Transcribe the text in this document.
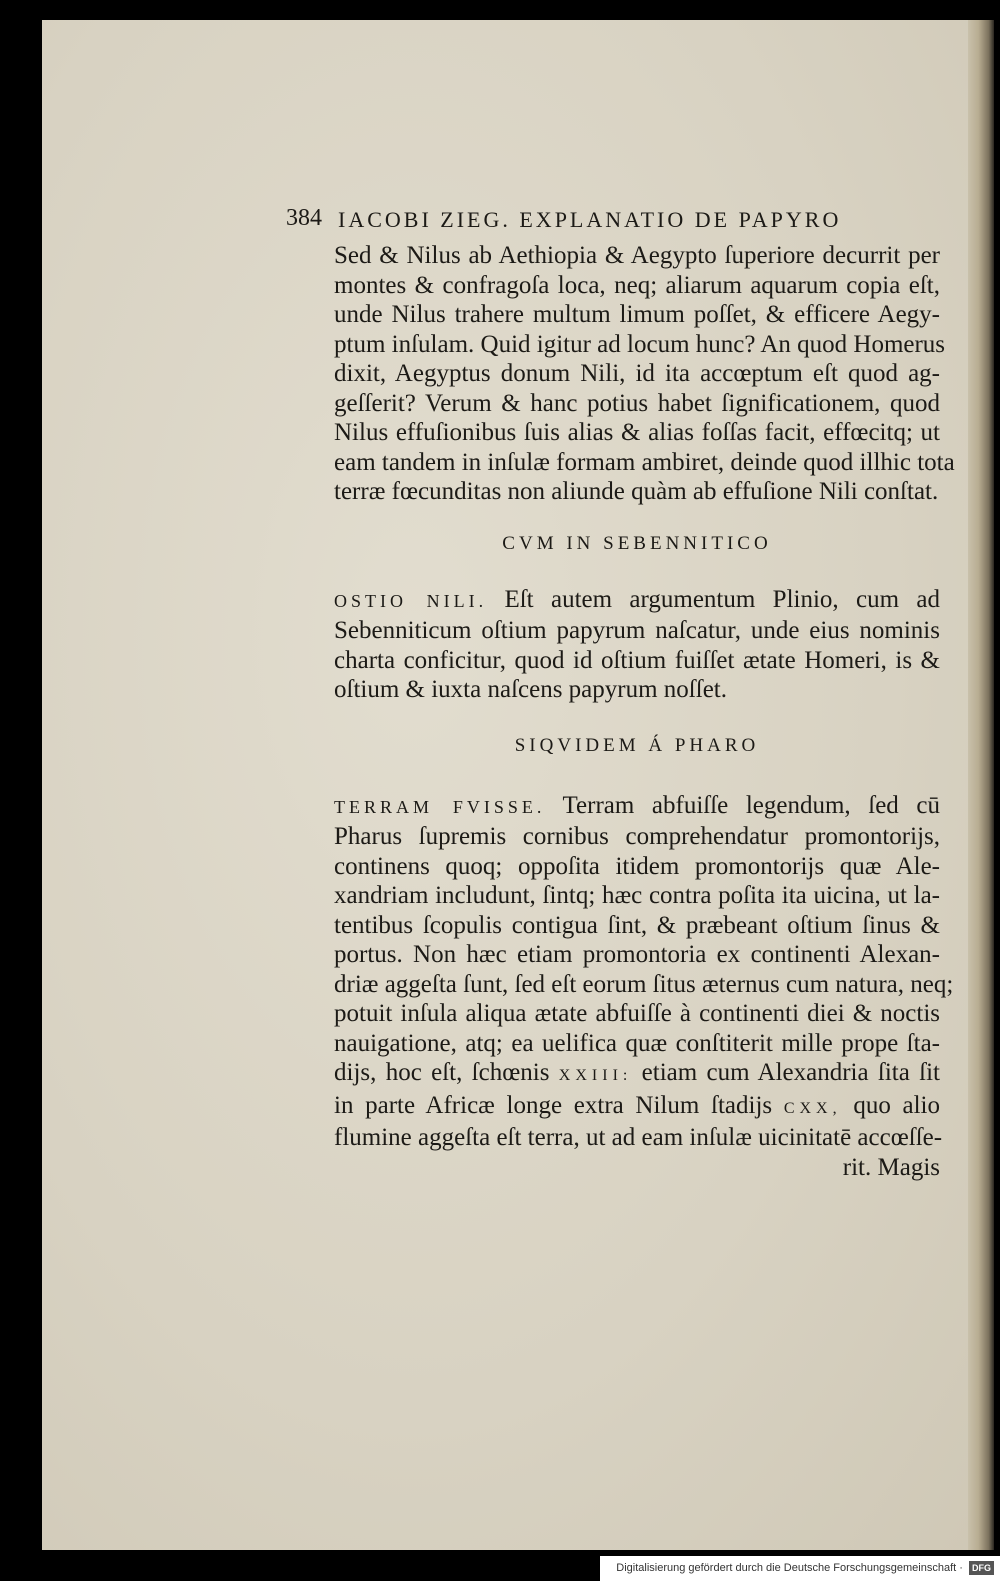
384 IACOBI ZIEG. EXPLANATIO DE PAPYRO
Sed & Nilus ab Aethiopia & Aegypto ſuperiore decurrit per
montes & confragoſa loca, neq; aliarum aquarum copia eſt,
unde Nilus trahere multum limum poſſet, & efficere Aegy-
ptum inſulam. Quid igitur ad locum hunc? An quod Homerus
dixit, Aegyptus donum Nili, id ita accœptum eſt quod ag-
geſſerit? Verum & hanc potius habet ſignificationem, quod
Nilus effuſionibus ſuis alias & alias foſſas facit, effœcitq; ut
eam tandem in inſulæ formam ambiret, deinde quod illhic tota
terræ fœcunditas non aliunde quàm ab effuſione Nili conſtat.
CVM IN SEBENNITICO
OSTIO NILI. Eſt autem argumentum Plinio, cum ad
Sebenniticum oſtium papyrum naſcatur, unde eius nominis
charta conficitur, quod id oſtium fuiſſet ætate Homeri, is &
oſtium & iuxta naſcens papyrum noſſet.
SIQVIDEM Á PHARO
TERRAM FVISSE. Terram abfuiſſe legendum, ſed cū
Pharus ſupremis cornibus comprehendatur promontorijs,
continens quoq; oppoſita itidem promontorijs quæ Ale-
xandriam includunt, ſintq; hæc contra poſita ita uicina, ut la-
tentibus ſcopulis contigua ſint, & præbeant oſtium ſinus &
portus. Non hæc etiam promontoria ex continenti Alexan-
driæ aggeſta ſunt, ſed eſt eorum ſitus æternus cum natura, neq;
potuit inſula aliqua ætate abfuiſſe à continenti diei & noctis
nauigatione, atq; ea uelifica quæ conſtiterit mille prope ſta-
dijs, hoc eſt, ſchœnis XXIII: etiam cum Alexandria ſita ſit
in parte Africæ longe extra Nilum ſtadijs CXX, quo alio
flumine aggeſta eſt terra, ut ad eam inſulæ uicinitatē accœſſe-
rit. Magis
Digitalisierung gefördert durch die Deutsche Forschungsgemeinschaft · DFG
